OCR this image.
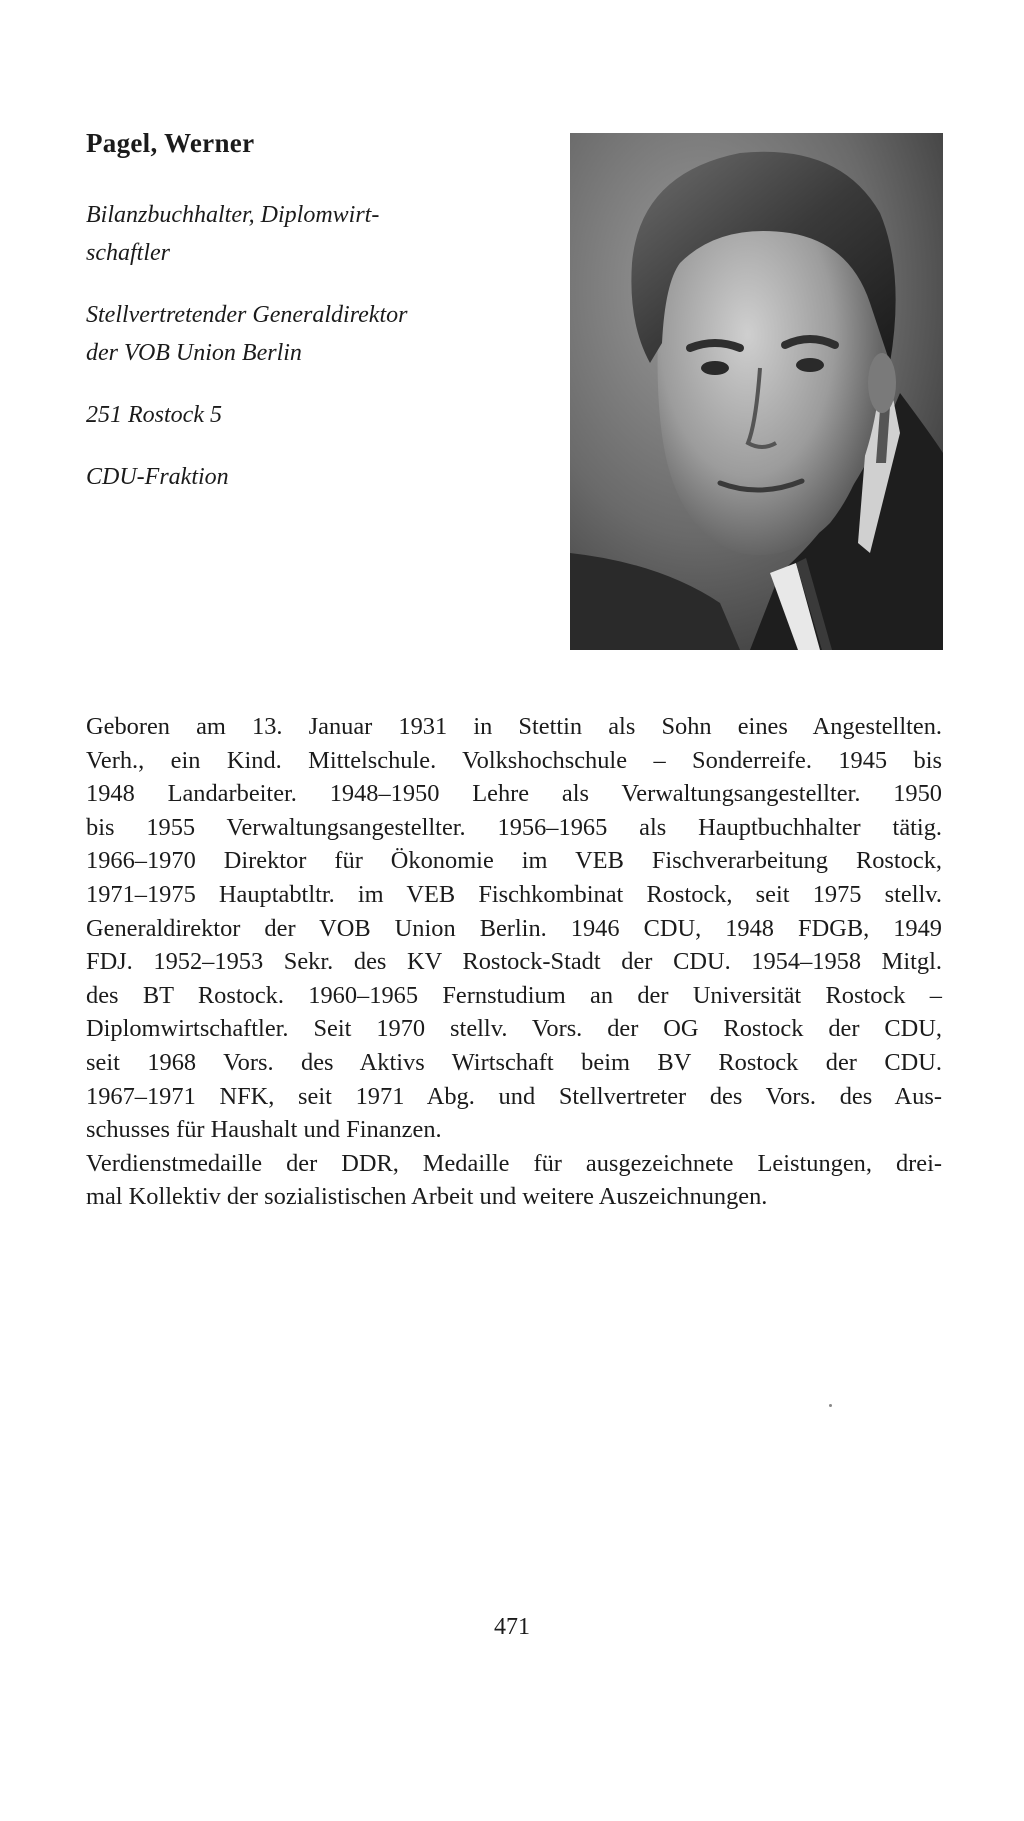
Pagel, Werner
Bilanzbuchhalter, Diplomwirt-
schaftler
Stellvertretender Generaldirektor
der VOB Union Berlin
251 Rostock 5
CDU-Fraktion
Geboren am 13. Januar 1931 in Stettin als Sohn eines Angestellten.
Verh., ein Kind. Mittelschule. Volkshochschule – Sonderreife. 1945 bis
1948 Landarbeiter. 1948–1950 Lehre als Verwaltungsangestellter. 1950
bis 1955 Verwaltungsangestellter. 1956–1965 als Hauptbuchhalter tätig.
1966–1970 Direktor für Ökonomie im VEB Fischverarbeitung Rostock,
1971–1975 Hauptabtltr. im VEB Fischkombinat Rostock, seit 1975 stellv.
Generaldirektor der VOB Union Berlin. 1946 CDU, 1948 FDGB, 1949
FDJ. 1952–1953 Sekr. des KV Rostock-Stadt der CDU. 1954–1958 Mitgl.
des BT Rostock. 1960–1965 Fernstudium an der Universität Rostock –
Diplomwirtschaftler. Seit 1970 stellv. Vors. der OG Rostock der CDU,
seit 1968 Vors. des Aktivs Wirtschaft beim BV Rostock der CDU.
1967–1971 NFK, seit 1971 Abg. und Stellvertreter des Vors. des Aus-
schusses für Haushalt und Finanzen.
Verdienstmedaille der DDR, Medaille für ausgezeichnete Leistungen, drei-
mal Kollektiv der sozialistischen Arbeit und weitere Auszeichnungen.
471
